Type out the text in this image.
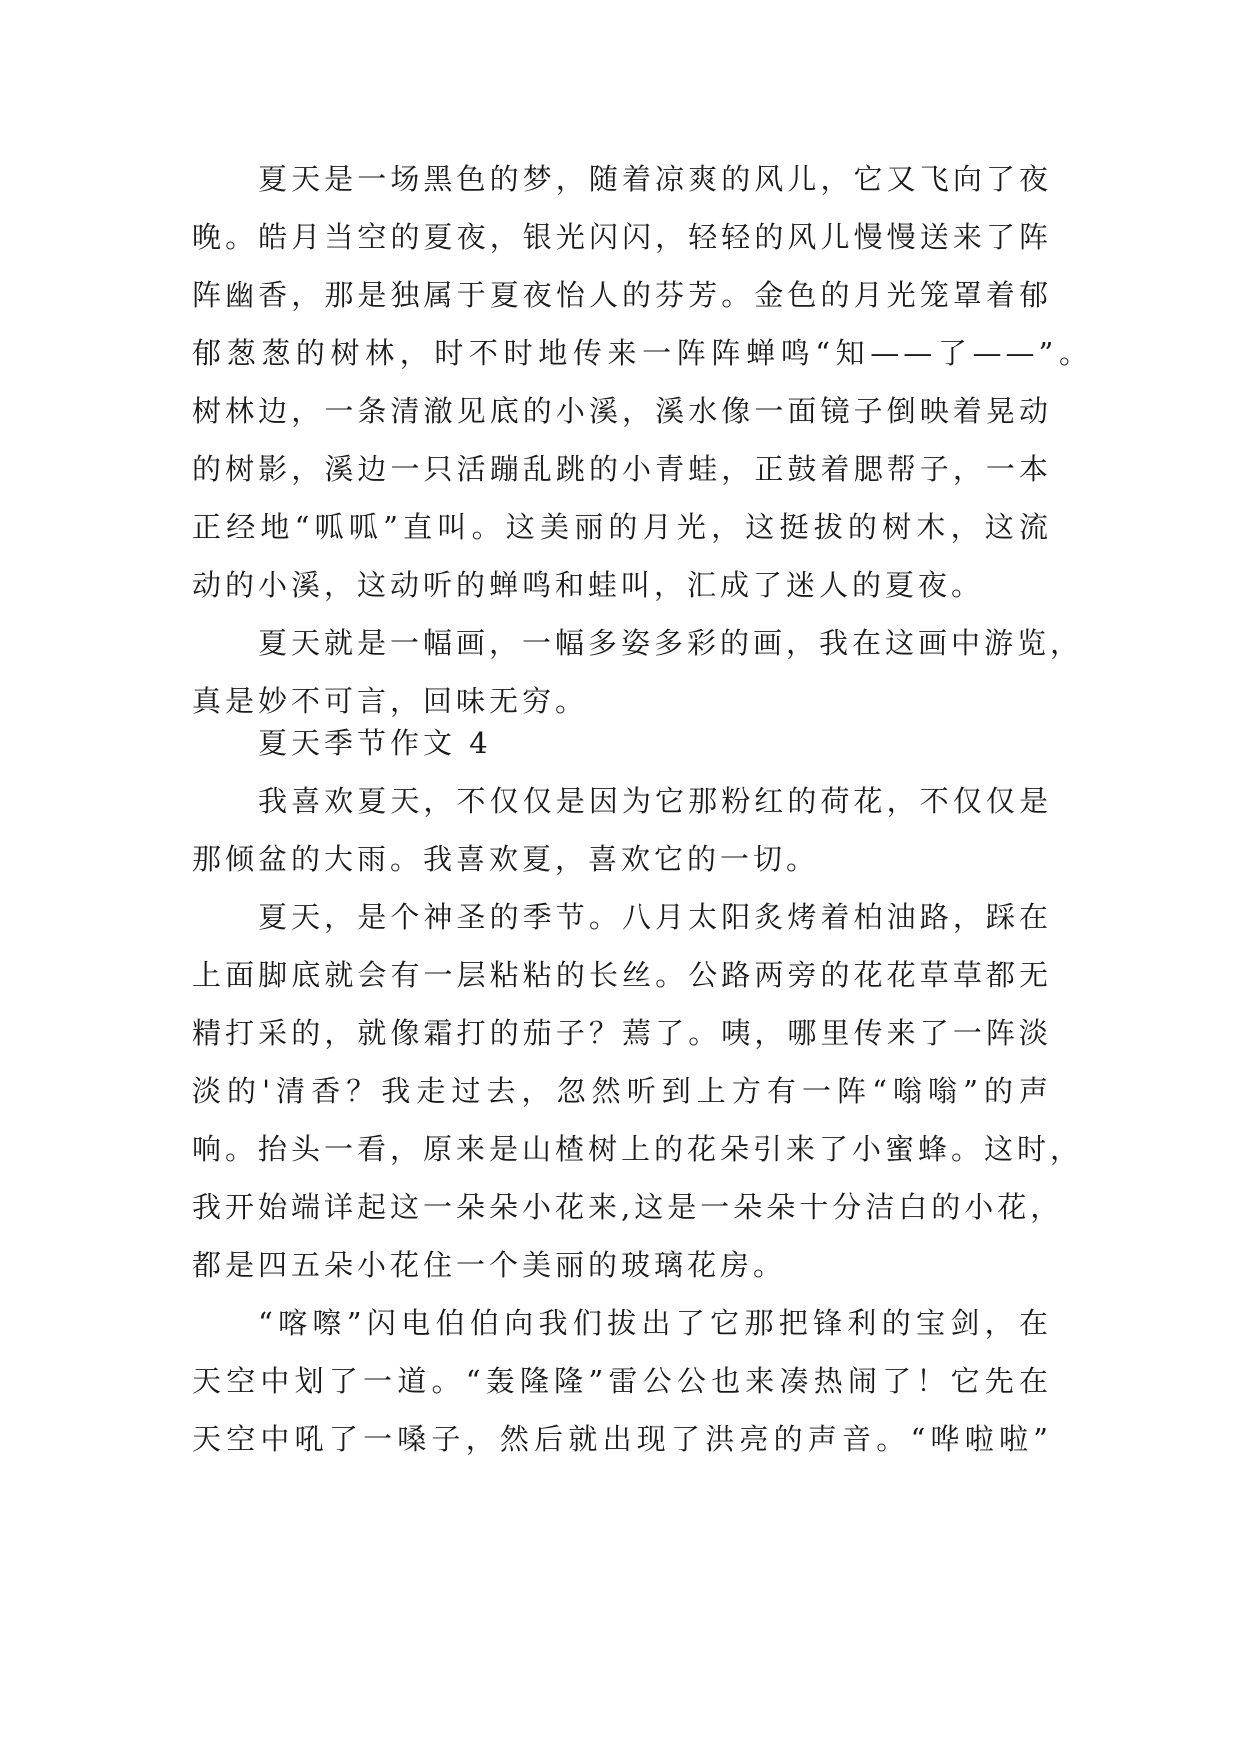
夏天是一场黑色的梦，随着凉爽的风儿，它又飞向了夜
晚。皓月当空的夏夜，银光闪闪，轻轻的风儿慢慢送来了阵
阵幽香，那是独属于夏夜怡人的芬芳。金色的月光笼罩着郁
郁葱葱的树林，时不时地传来一阵阵蝉鸣“知——了——”。
树林边，一条清澈见底的小溪，溪水像一面镜子倒映着晃动
的树影，溪边一只活蹦乱跳的小青蛙，正鼓着腮帮子，一本
正经地“呱呱”直叫。这美丽的月光，这挺拔的树木，这流
动的小溪，这动听的蝉鸣和蛙叫，汇成了迷人的夏夜。
夏天就是一幅画，一幅多姿多彩的画，我在这画中游览，
真是妙不可言，回味无穷。
夏天季节作文 4
我喜欢夏天，不仅仅是因为它那粉红的荷花，不仅仅是
那倾盆的大雨。我喜欢夏，喜欢它的一切。
夏天，是个神圣的季节。八月太阳炙烤着柏油路，踩在
上面脚底就会有一层粘粘的长丝。公路两旁的花花草草都无
精打采的，就像霜打的茄子？蔫了。咦，哪里传来了一阵淡
淡的'清香？我走过去，忽然听到上方有一阵“嗡嗡”的声
响。抬头一看，原来是山楂树上的花朵引来了小蜜蜂。这时，
我开始端详起这一朵朵小花来,这是一朵朵十分洁白的小花，
都是四五朵小花住一个美丽的玻璃花房。
“喀嚓”闪电伯伯向我们拔出了它那把锋利的宝剑，在
天空中划了一道。“轰隆隆”雷公公也来凑热闹了！它先在
天空中吼了一嗓子，然后就出现了洪亮的声音。“哗啦啦”
